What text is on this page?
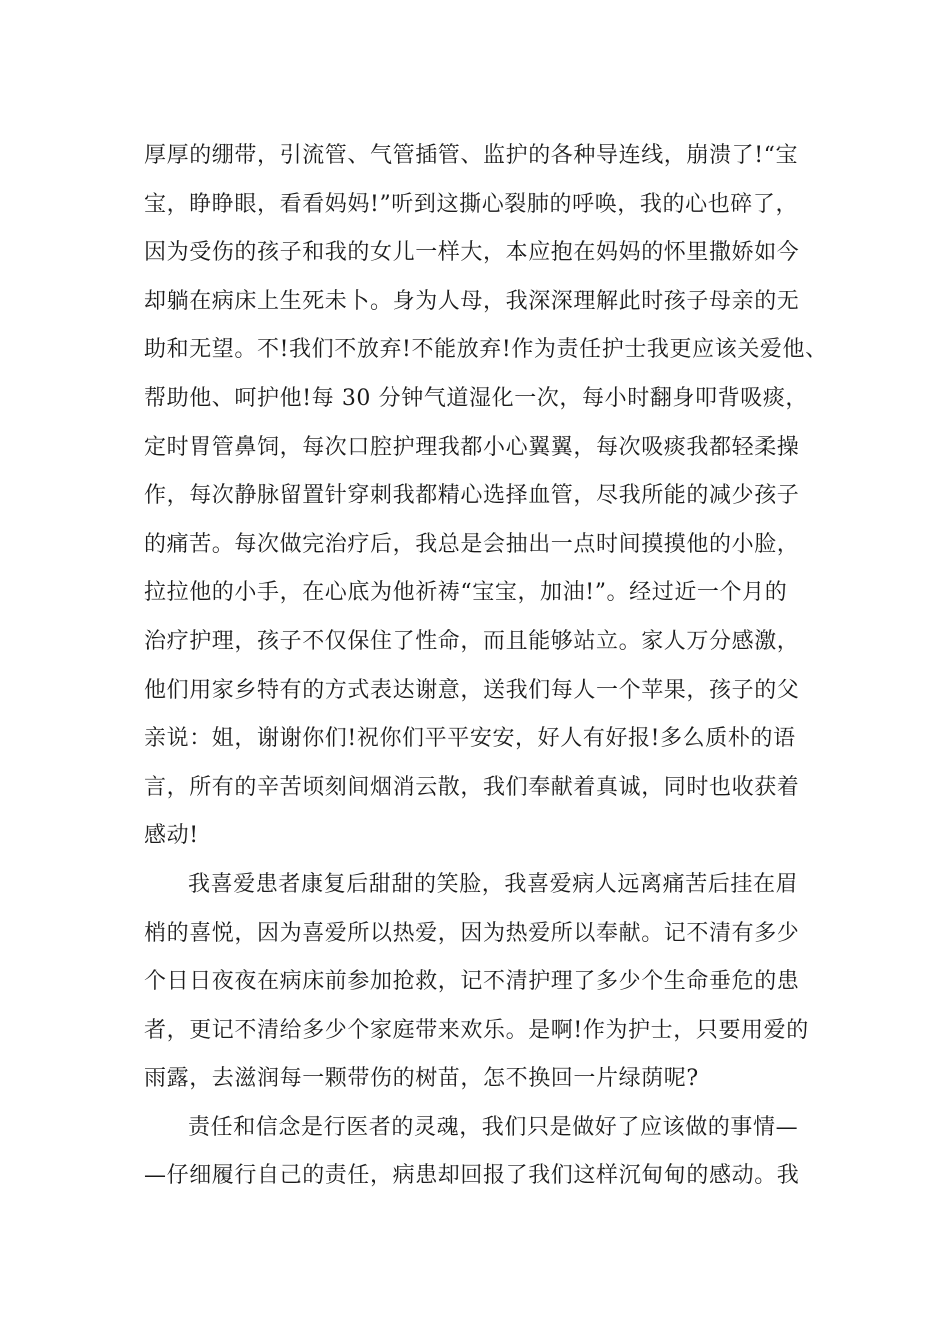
厚厚的绷带，引流管、气管插管、监护的各种导连线，崩溃了!“宝
宝，睁睁眼，看看妈妈!”听到这撕心裂肺的呼唤，我的心也碎了，
因为受伤的孩子和我的女儿一样大，本应抱在妈妈的怀里撒娇如今
却躺在病床上生死未卜。身为人母，我深深理解此时孩子母亲的无
助和无望。不!我们不放弃!不能放弃!作为责任护士我更应该关爱他、
帮助他、呵护他!每 30 分钟气道湿化一次，每小时翻身叩背吸痰，
定时胃管鼻饲，每次口腔护理我都小心翼翼，每次吸痰我都轻柔操
作，每次静脉留置针穿刺我都精心选择血管，尽我所能的减少孩子
的痛苦。每次做完治疗后，我总是会抽出一点时间摸摸他的小脸，
拉拉他的小手，在心底为他祈祷“宝宝，加油!”。经过近一个月的
治疗护理，孩子不仅保住了性命，而且能够站立。家人万分感激，
他们用家乡特有的方式表达谢意，送我们每人一个苹果，孩子的父
亲说：姐，谢谢你们!祝你们平平安安，好人有好报!多么质朴的语
言，所有的辛苦顷刻间烟消云散，我们奉献着真诚，同时也收获着
感动!
我喜爱患者康复后甜甜的笑脸，我喜爱病人远离痛苦后挂在眉
梢的喜悦，因为喜爱所以热爱，因为热爱所以奉献。记不清有多少
个日日夜夜在病床前参加抢救，记不清护理了多少个生命垂危的患
者，更记不清给多少个家庭带来欢乐。是啊!作为护士，只要用爱的
雨露，去滋润每一颗带伤的树苗，怎不换回一片绿荫呢?
责任和信念是行医者的灵魂，我们只是做好了应该做的事情—
—仔细履行自己的责任，病患却回报了我们这样沉甸甸的感动。我
